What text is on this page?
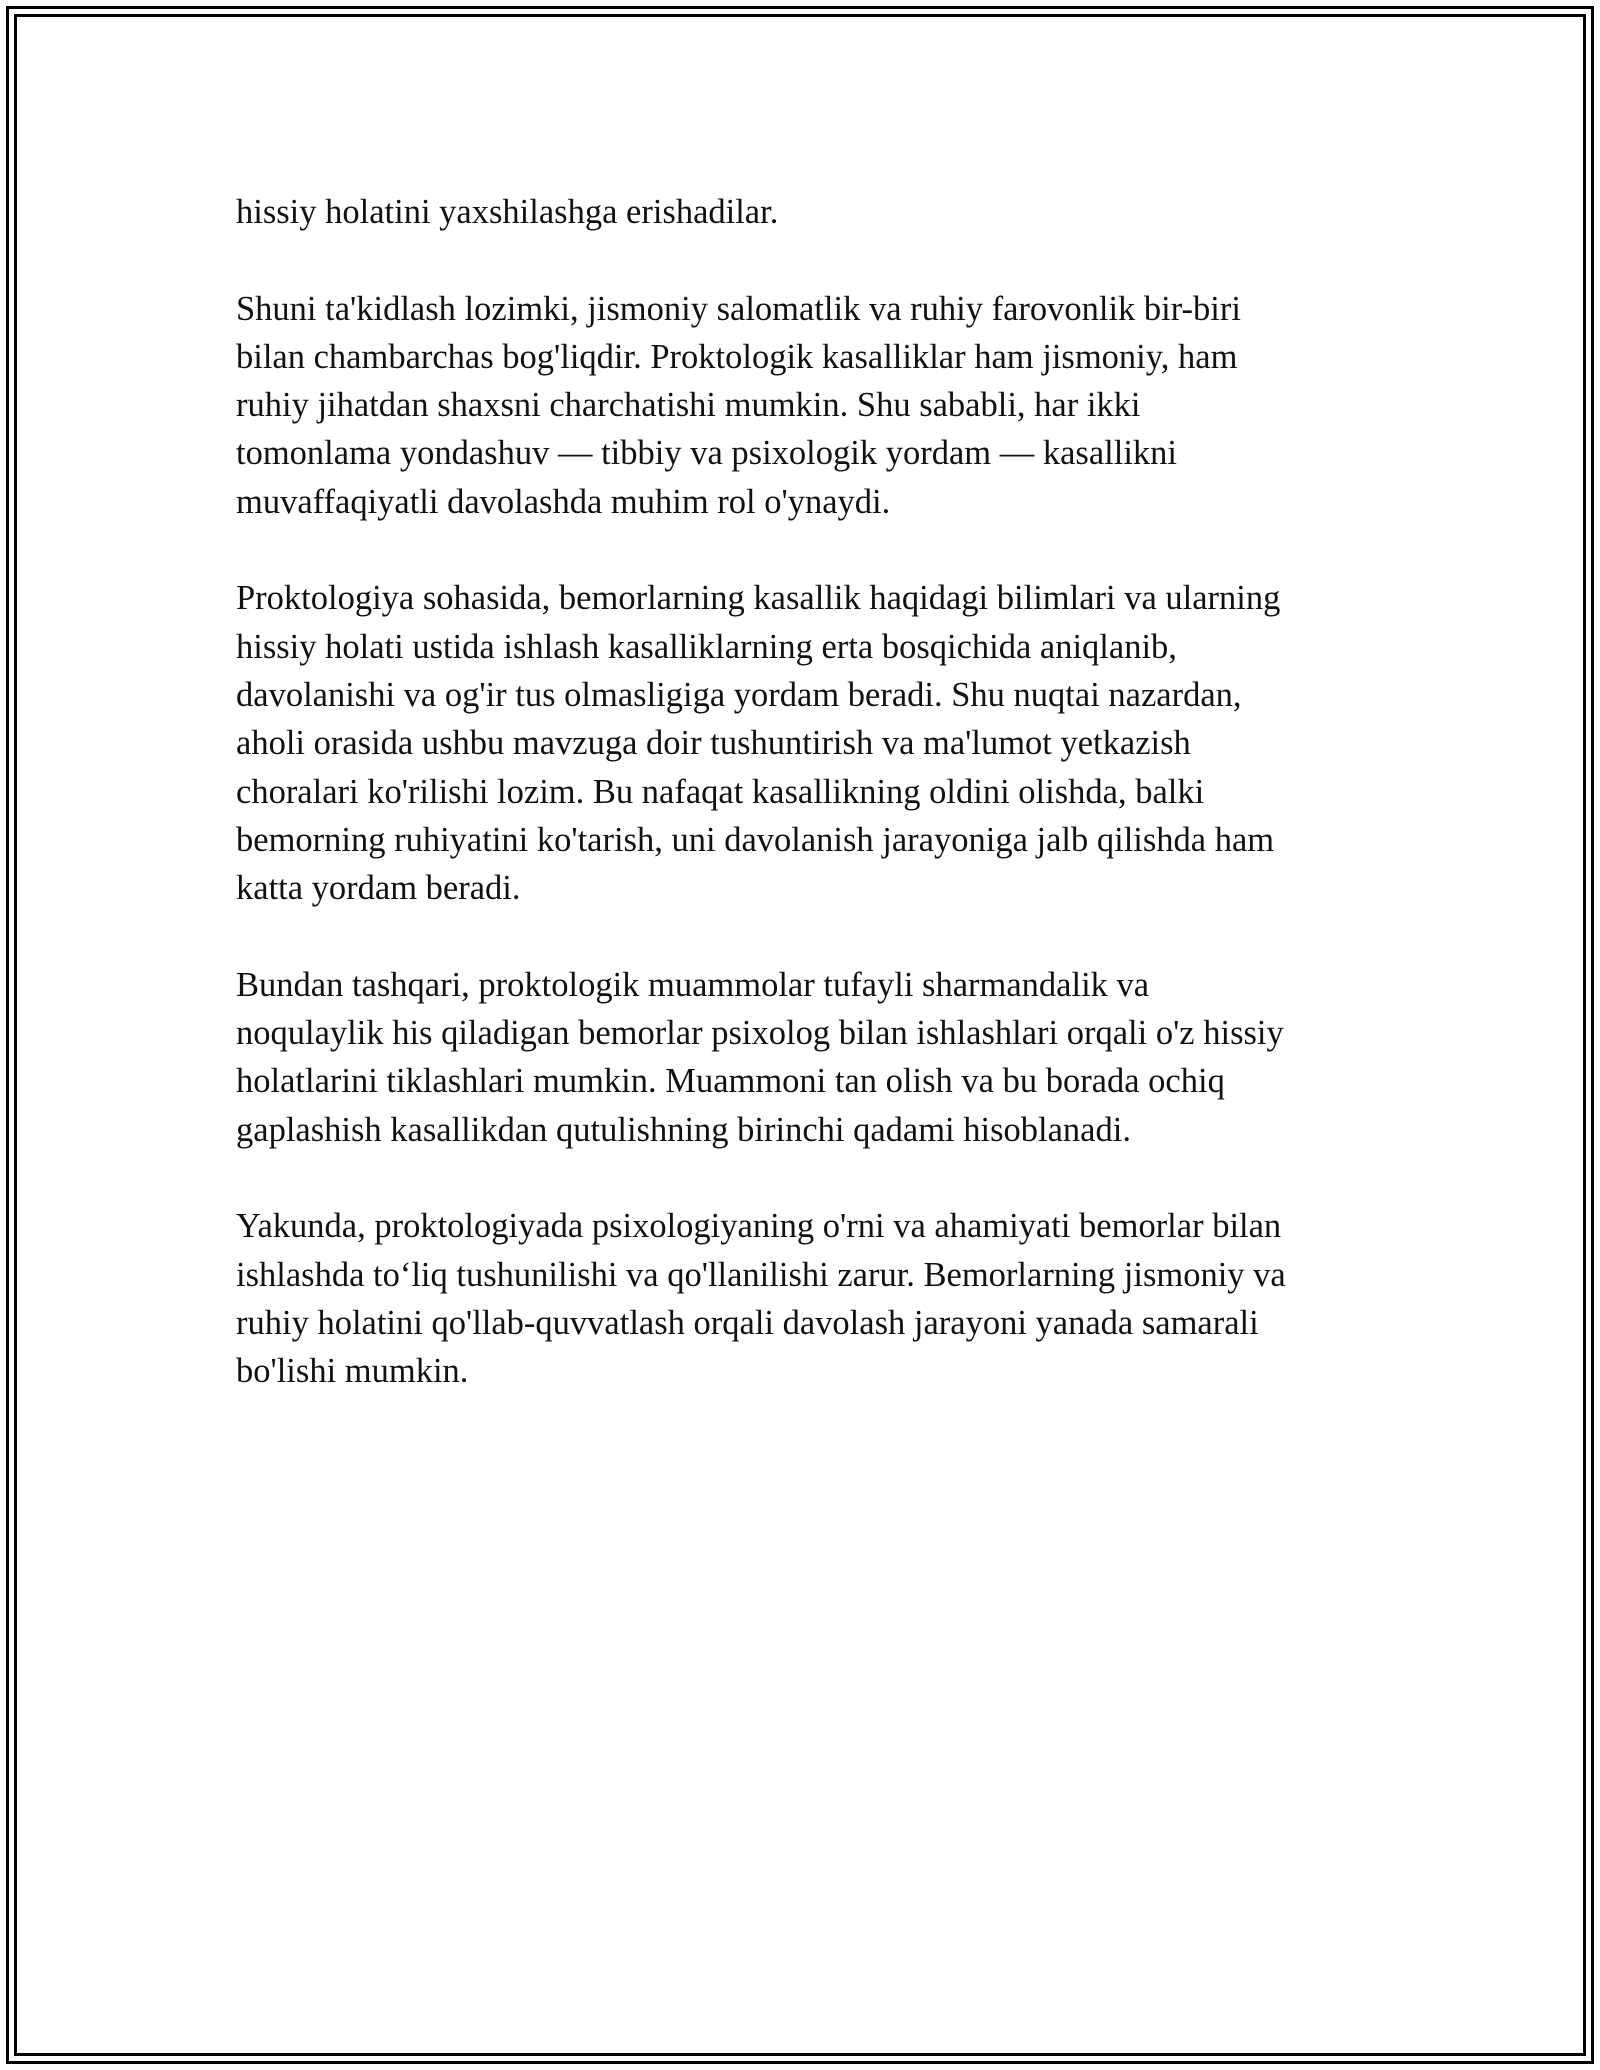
hissiy holatini yaxshilashga erishadilar.

Shuni ta'kidlash lozimki, jismoniy salomatlik va ruhiy farovonlik bir-biri
bilan chambarchas bog'liqdir. Proktologik kasalliklar ham jismoniy, ham
ruhiy jihatdan shaxsni charchatishi mumkin. Shu sababli, har ikki
tomonlama yondashuv — tibbiy va psixologik yordam — kasallikni
muvaffaqiyatli davolashda muhim rol o'ynaydi.

Proktologiya sohasida, bemorlarning kasallik haqidagi bilimlari va ularning
hissiy holati ustida ishlash kasalliklarning erta bosqichida aniqlanib,
davolanishi va og'ir tus olmasligiga yordam beradi. Shu nuqtai nazardan,
aholi orasida ushbu mavzuga doir tushuntirish va ma'lumot yetkazish
choralari ko'rilishi lozim. Bu nafaqat kasallikning oldini olishda, balki
bemorning ruhiyatini ko'tarish, uni davolanish jarayoniga jalb qilishda ham
katta yordam beradi.

Bundan tashqari, proktologik muammolar tufayli sharmandalik va
noqulaylik his qiladigan bemorlar psixolog bilan ishlashlari orqali o'z hissiy
holatlarini tiklashlari mumkin. Muammoni tan olish va bu borada ochiq
gaplashish kasallikdan qutulishning birinchi qadami hisoblanadi.

Yakunda, proktologiyada psixologiyaning o'rni va ahamiyati bemorlar bilan
ishlashda to‘liq tushunilishi va qo'llanilishi zarur. Bemorlarning jismoniy va
ruhiy holatini qo'llab-quvvatlash orqali davolash jarayoni yanada samarali
bo'lishi mumkin.
